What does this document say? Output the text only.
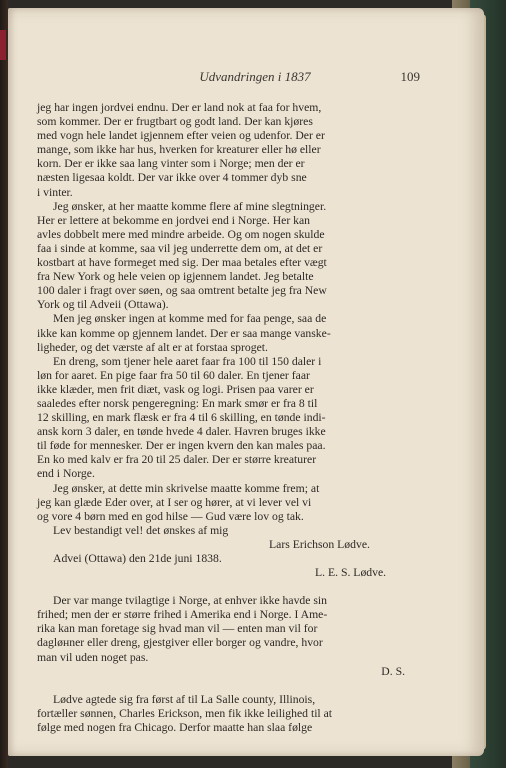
Udvandringen i 1837	109
jeg har ingen jordvei endnu. Der er land nok at faa for hvem,
som kommer. Der er frugtbart og godt land. Der kan kjøres
med vogn hele landet igjennem efter veien og udenfor. Der er
mange, som ikke har hus, hverken for kreaturer eller hø eller
korn. Der er ikke saa lang vinter som i Norge; men der er
næsten ligesaa koldt. Der var ikke over 4 tommer dyb sne
i vinter.
Jeg ønsker, at her maatte komme flere af mine slegtninger.
Her er lettere at bekomme en jordvei end i Norge. Her kan
avles dobbelt mere med mindre arbeide. Og om nogen skulde
faa i sinde at komme, saa vil jeg underrette dem om, at det er
kostbart at have formeget med sig. Der maa betales efter vægt
fra New York og hele veien op igjennem landet. Jeg betalte
100 daler i fragt over søen, og saa omtrent betalte jeg fra New
York og til Adveii (Ottawa).
Men jeg ønsker ingen at komme med for faa penge, saa de
ikke kan komme op gjennem landet. Der er saa mange vanske-
ligheder, og det værste af alt er at forstaa sproget.
En dreng, som tjener hele aaret faar fra 100 til 150 daler i
løn for aaret. En pige faar fra 50 til 60 daler. En tjener faar
ikke klæder, men frit diæt, vask og logi. Prisen paa varer er
saaledes efter norsk pengeregning: En mark smør er fra 8 til
12 skilling, en mark flæsk er fra 4 til 6 skilling, en tønde indi-
ansk korn 3 daler, en tønde hvede 4 daler. Havren bruges ikke
til føde for mennesker. Der er ingen kvern den kan males paa.
En ko med kalv er fra 20 til 25 daler. Der er større kreaturer
end i Norge.
Jeg ønsker, at dette min skrivelse maatte komme frem; at
jeg kan glæde Eder over, at I ser og hører, at vi lever vel vi
og vore 4 børn med en god hilse — Gud være lov og tak.
Lev bestandigt vel! det ønskes af mig
Lars Erichson Lødve.
Advei (Ottawa) den 21de juni 1838.
L. E. S. Lødve.
Der var mange tvilagtige i Norge, at enhver ikke havde sin
frihed; men der er større frihed i Amerika end i Norge. I Ame-
rika kan man foretage sig hvad man vil — enten man vil for
dagløнner eller dreng, gjestgiver eller borger og vandre, hvor
man vil uden noget pas.
D. S.
Lødve agtede sig fra først af til La Salle county, Illinois,
fortæller sønnen, Charles Erickson, men fik ikke leilighed til at
følge med nogen fra Chicago. Derfor maatte han slaa følge
